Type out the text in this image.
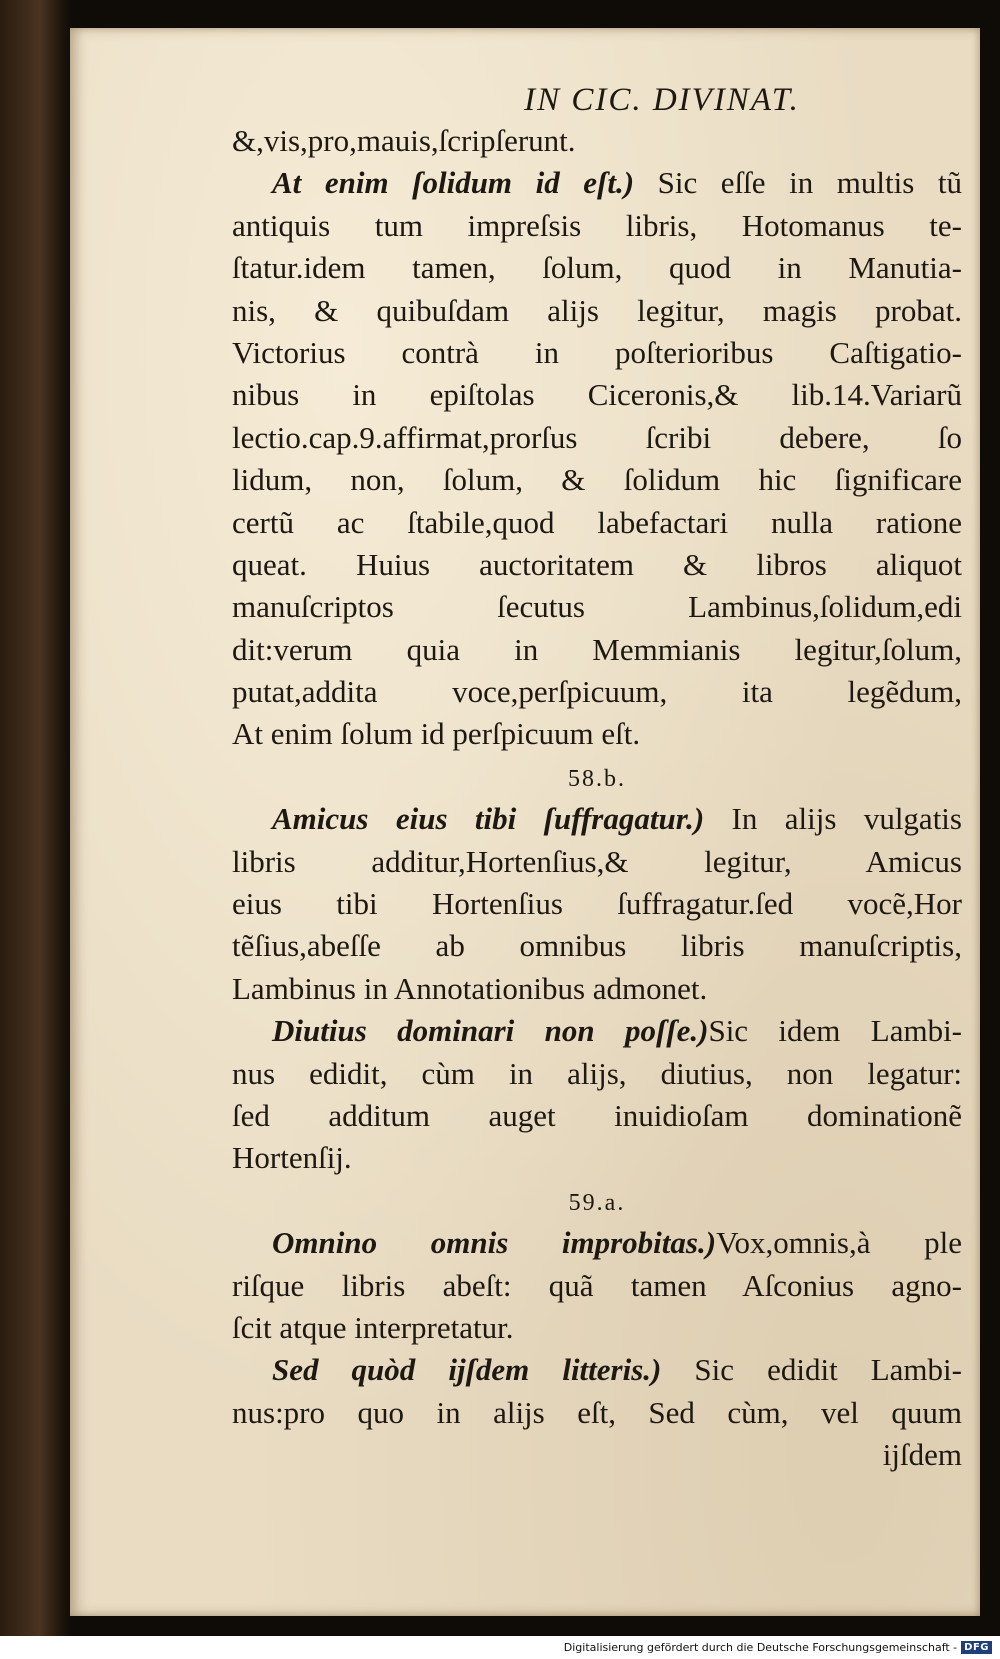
IN CIC. DIVINAT.
&,vis,pro,mauis,ſcripſerunt.
At enim ſolidum id eſt.) Sic eſſe in multis tũ
antiquis tum impreſsis libris, Hotomanus te-
ſtatur.idem tamen, ſolum, quod in Manutia-
nis, & quibuſdam alijs legitur, magis probat.
Victorius contrà in poſterioribus Caſtigatio-
nibus in epiſtolas Ciceronis,& lib.14.Variarũ
lectio.cap.9.affirmat,prorſus ſcribi debere, ſo
lidum, non, ſolum, & ſolidum hic ſignificare
certũ ac ſtabile,quod labefactari nulla ratione
queat. Huius auctoritatem & libros aliquot
manuſcriptos ſecutus Lambinus,ſolidum,edi
dit:verum quia in Memmianis legitur,ſolum,
putat,addita voce,perſpicuum, ita legẽdum,
At enim ſolum id perſpicuum eſt.
58.b.
Amicus eius tibi ſuffragatur.) In alijs vulgatis
libris additur,Hortenſius,& legitur, Amicus
eius tibi Hortenſius ſuffragatur.ſed vocẽ,Hor
tẽſius,abeſſe ab omnibus libris manuſcriptis,
Lambinus in Annotationibus admonet.
Diutius dominari non poſſe.)Sic idem Lambi-
nus edidit, cùm in alijs, diutius, non legatur:
ſed additum auget inuidioſam dominationẽ
Hortenſij.
59.a.
Omnino omnis improbitas.)Vox,omnis,à ple
riſque libris abeſt: quã tamen Aſconius agno-
ſcit atque interpretatur.
Sed quòd ijſdem litteris.) Sic edidit Lambi-
nus:pro quo in alijs eſt, Sed cùm, vel quum
ijſdem
Digitalisierung gefördert durch die Deutsche Forschungsgemeinschaft - DFG
